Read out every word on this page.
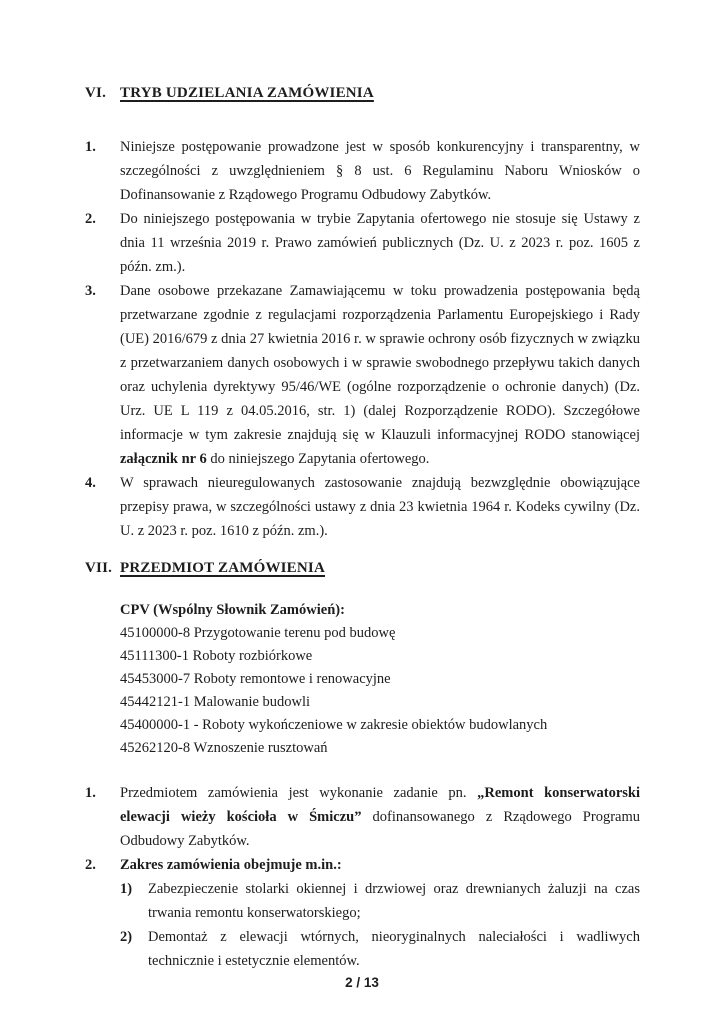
VI. TRYB UDZIELANIA ZAMÓWIENIA
1. Niniejsze postępowanie prowadzone jest w sposób konkurencyjny i transparentny, w szczególności z uwzględnieniem § 8 ust. 6 Regulaminu Naboru Wniosków o Dofinansowanie z Rządowego Programu Odbudowy Zabytków.
2. Do niniejszego postępowania w trybie Zapytania ofertowego nie stosuje się Ustawy z dnia 11 września 2019 r. Prawo zamówień publicznych (Dz. U. z 2023 r. poz. 1605 z późn. zm.).
3. Dane osobowe przekazane Zamawiającemu w toku prowadzenia postępowania będą przetwarzane zgodnie z regulacjami rozporządzenia Parlamentu Europejskiego i Rady (UE) 2016/679 z dnia 27 kwietnia 2016 r. w sprawie ochrony osób fizycznych w związku z przetwarzaniem danych osobowych i w sprawie swobodnego przepływu takich danych oraz uchylenia dyrektywy 95/46/WE (ogólne rozporządzenie o ochronie danych) (Dz. Urz. UE L 119 z 04.05.2016, str. 1) (dalej Rozporządzenie RODO). Szczegółowe informacje w tym zakresie znajdują się w Klauzuli informacyjnej RODO stanowiącej załącznik nr 6 do niniejszego Zapytania ofertowego.
4. W sprawach nieuregulowanych zastosowanie znajdują bezwzględnie obowiązujące przepisy prawa, w szczególności ustawy z dnia 23 kwietnia 1964 r. Kodeks cywilny (Dz. U. z 2023 r. poz. 1610 z późn. zm.).
VII. PRZEDMIOT ZAMÓWIENIA
CPV (Wspólny Słownik Zamówień):
45100000-8 Przygotowanie terenu pod budowę
45111300-1 Roboty rozbiórkowe
45453000-7 Roboty remontowe i renowacyjne
45442121-1 Malowanie budowli
45400000-1 - Roboty wykończeniowe w zakresie obiektów budowlanych
45262120-8 Wznoszenie rusztowań
1. Przedmiotem zamówienia jest wykonanie zadanie pn. „Remont konserwatorski elewacji wieży kościoła w Śmiczu” dofinansowanego z Rządowego Programu Odbudowy Zabytków.
2. Zakres zamówienia obejmuje m.in.:
1) Zabezpieczenie stolarki okiennej i drzwiowej oraz drewnianych żaluzji na czas trwania remontu konserwatorskiego;
2) Demontaż z elewacji wtórnych, nieoryginalnych naleciałości i wadliwych technicznie i estetycznie elementów.
2 / 13
